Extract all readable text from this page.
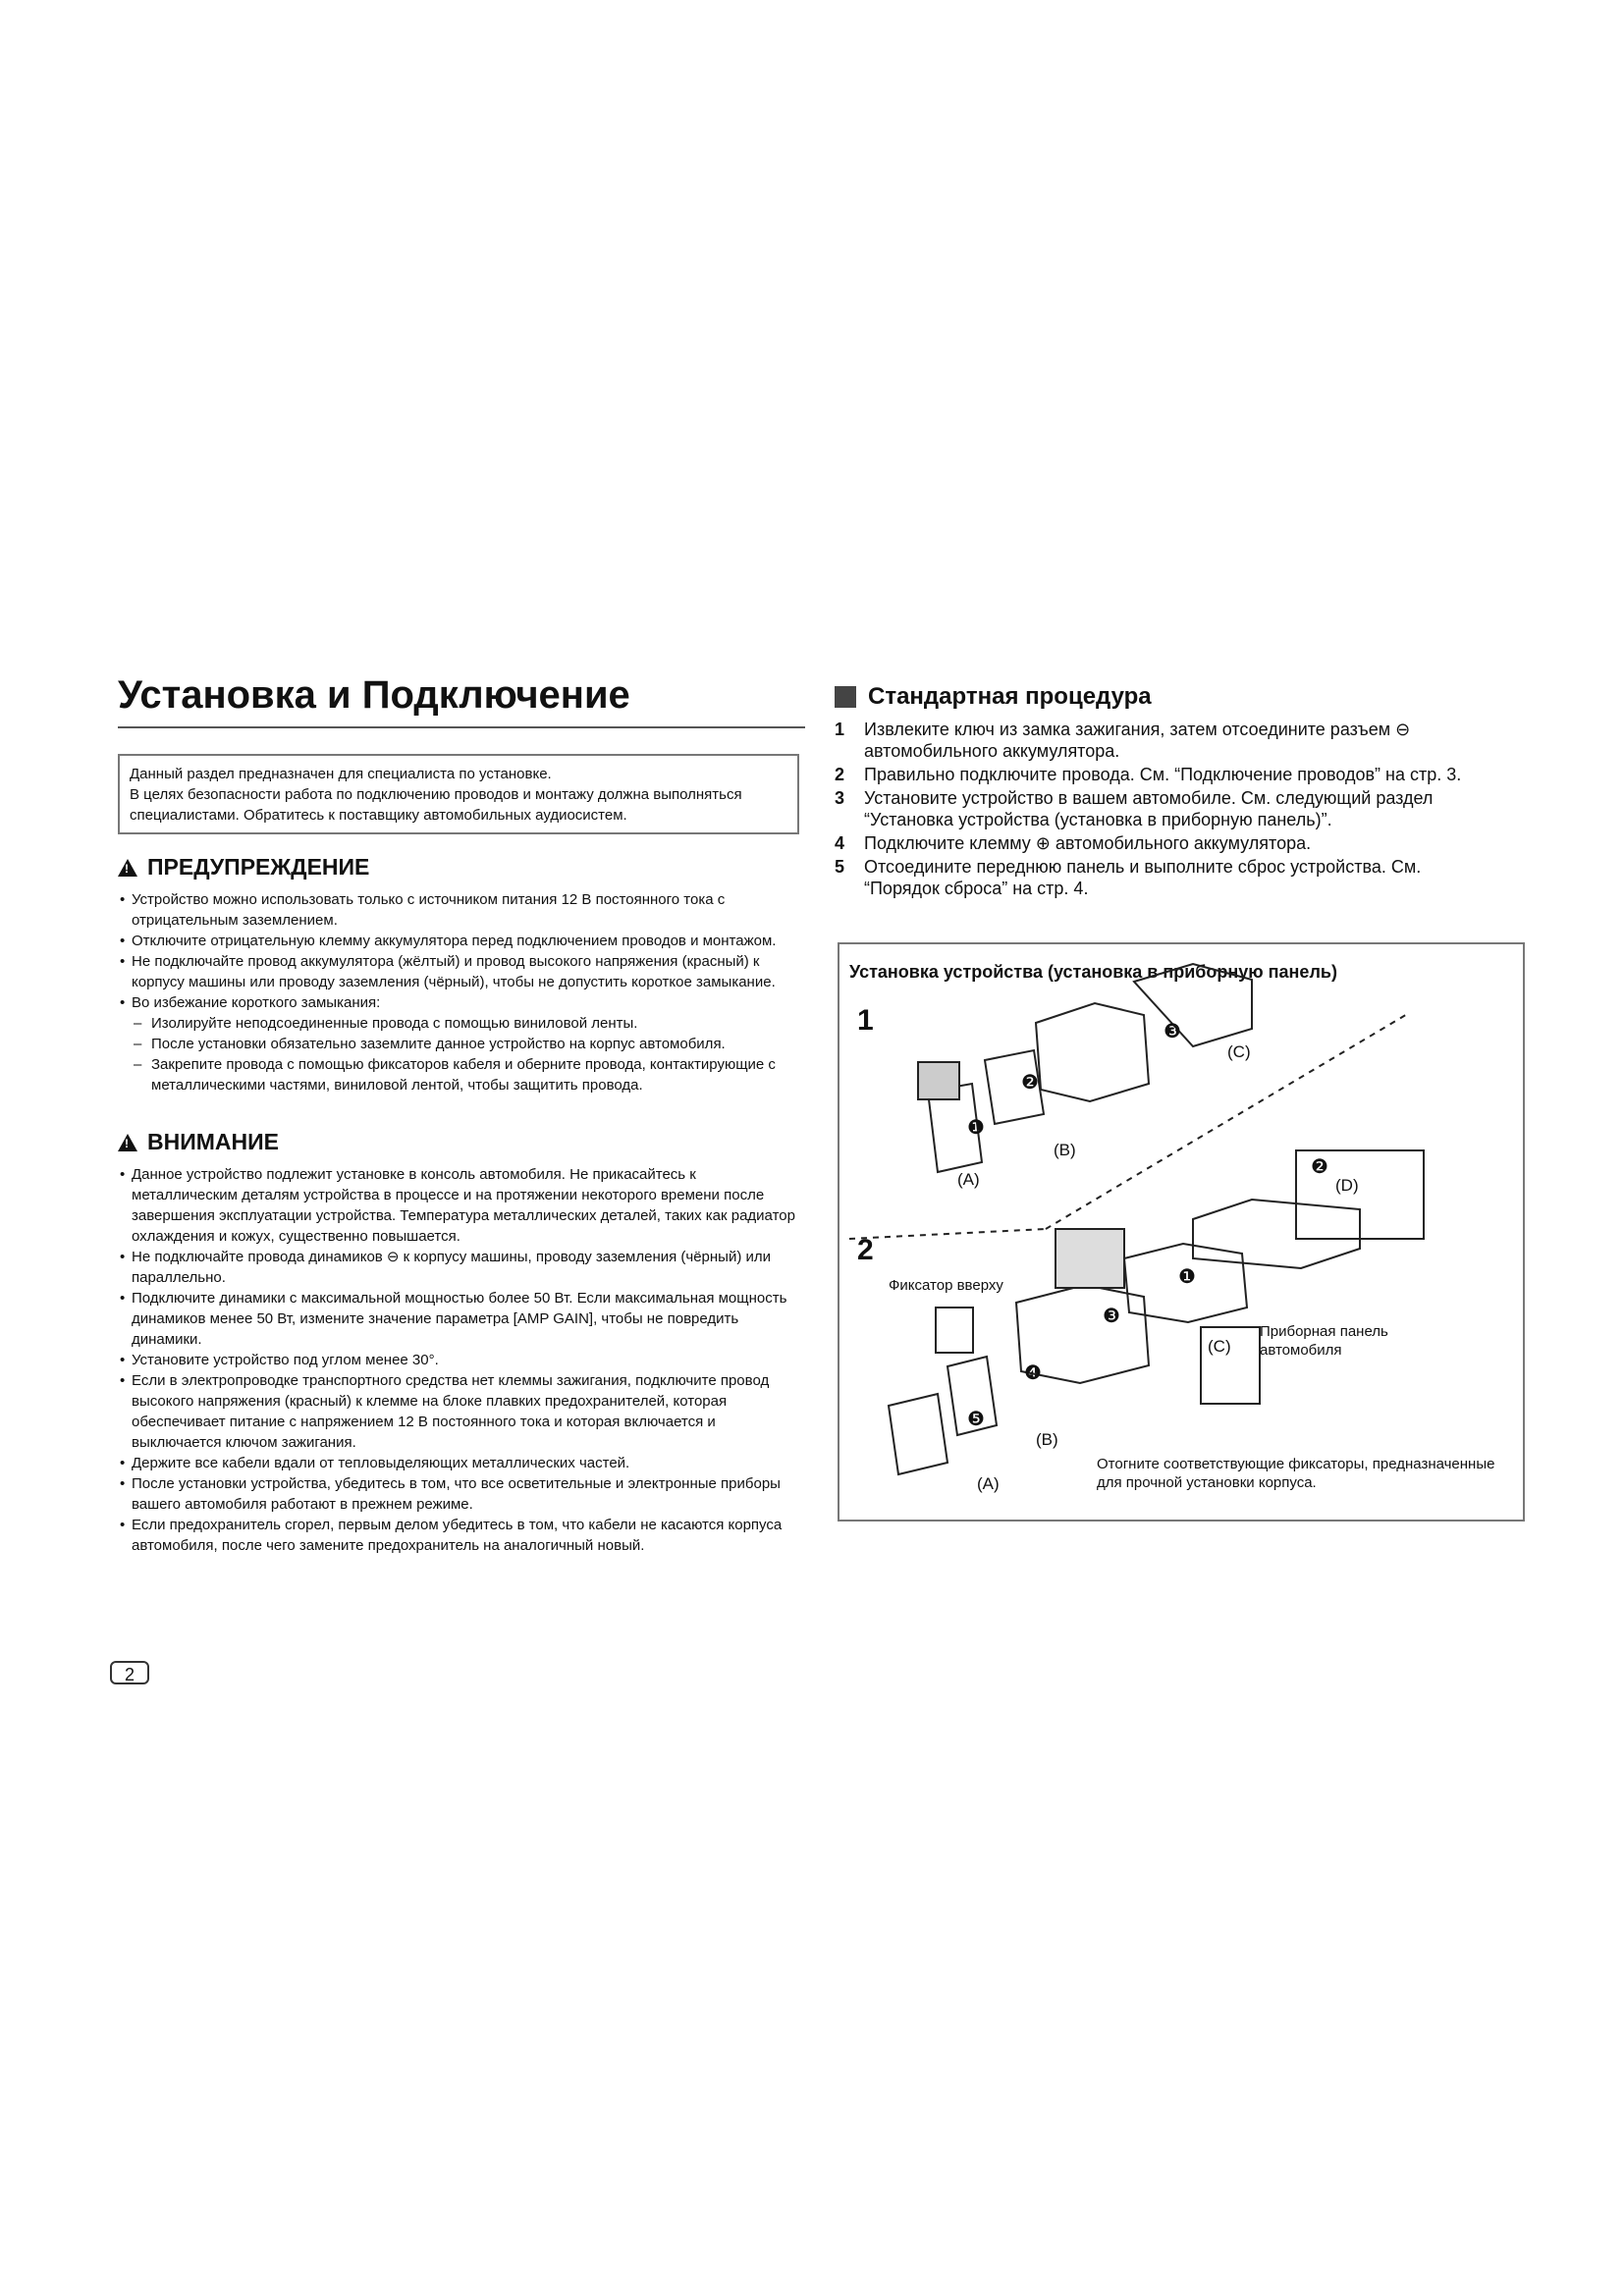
Установка и Подключение
Данный раздел предназначен для специалиста по установке.
В целях безопасности работа по подключению проводов и монтажу должна выполняться
специалистами. Обратитесь к поставщику автомобильных аудиосистем.
!
ПРЕДУПРЕЖДЕНИЕ
• Устройство можно использовать только с источником питания 12 В постоянного тока с отрицательным заземлением.
• Отключите отрицательную клемму аккумулятора перед подключением проводов и монтажом.
• Не подключайте провод аккумулятора (жёлтый) и провод высокого напряжения (красный) к корпусу машины или проводу заземления (чёрный), чтобы не допустить короткое замыкание.
• Во избежание короткого замыкания:
– Изолируйте неподсоединенные провода с помощью виниловой ленты.
– После установки обязательно заземлите данное устройство на корпус автомобиля.
– Закрепите провода с помощью фиксаторов кабеля и оберните провода, контактирующие с металлическими частями, виниловой лентой, чтобы защитить провода.
!
ВНИМАНИЕ
• Данное устройство подлежит установке в консоль автомобиля. Не прикасайтесь к металлическим деталям устройства в процессе и на протяжении некоторого времени после завершения эксплуатации устройства. Температура металлических деталей, таких как радиатор охлаждения и кожух, существенно повышается.
• Не подключайте провода динамиков ⊖ к корпусу машины, проводу заземления (чёрный) или параллельно.
• Подключите динамики с максимальной мощностью более 50 Вт. Если максимальная мощность динамиков менее 50 Вт, измените значение параметра [AMP GAIN], чтобы не повредить динамики.
• Установите устройство под углом менее 30°.
• Если в электропроводке транспортного средства нет клеммы зажигания, подключите провод высокого напряжения (красный) к клемме на блоке плавких предохранителей, которая обеспечивает питание с напряжением 12 В постоянного тока и которая включается и выключается ключом зажигания.
• Держите все кабели вдали от тепловыделяющих металлических частей.
• После установки устройства, убедитесь в том, что все осветительные и электронные приборы вашего автомобиля работают в прежнем режиме.
• Если предохранитель сгорел, первым делом убедитесь в том, что кабели не касаются корпуса автомобиля, после чего замените предохранитель на аналогичный новый.
Стандартная процедура
1 Извлеките ключ из замка зажигания, затем отсоедините разъем ⊖ автомобильного аккумулятора.
2 Правильно подключите провода. См. “Подключение проводов” на стр. 3.
3 Установите устройство в вашем автомобиле. См. следующий раздел “Установка устройства (установка в приборную панель)”.
4 Подключите клемму ⊕ автомобильного аккумулятора.
5 Отсоедините переднюю панель и выполните сброс устройства. См. “Порядок сброса” на стр. 4.
Установка устройства (установка в приборную панель)
1
2
Фиксатор вверху
Приборная панель
автомобиля
Отогните соответствующие фиксаторы, предназначенные
для прочной установки корпуса.
(A)
(B)
(C)
(D)
(C)
(B)
(A)
❶
❷
❸
❷
❶
❸
❹
❺
2
